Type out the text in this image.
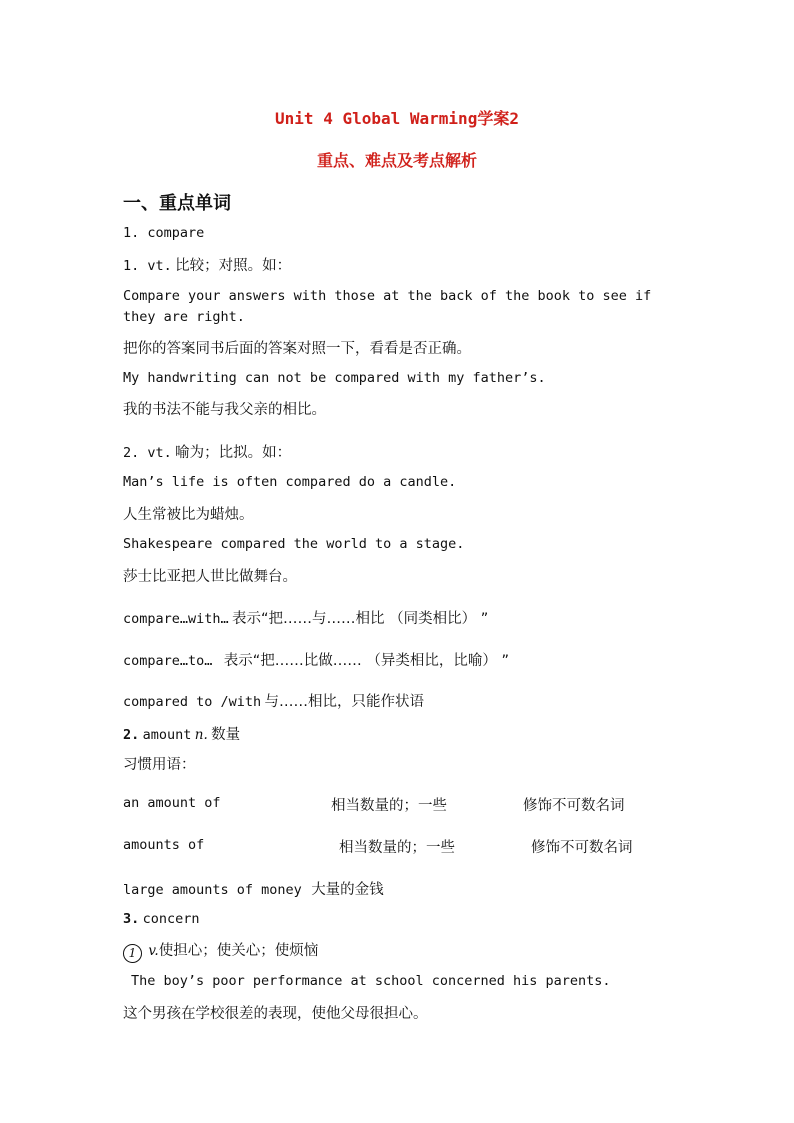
Unit 4 Global Warming学案2
重点、难点及考点解析
一、重点单词
1. compare
1. vt. 比较；对照。如：
Compare your answers with those at the back of the book to see if they are right.
把你的答案同书后面的答案对照一下，看看是否正确。
My handwriting can not be compared with my father’s.
我的书法不能与我父亲的相比。
2. vt. 喻为；比拟。如：
Man’s life is often compared do a candle.
人生常被比为蜡烛。
Shakespeare compared the world to a stage.
莎士比亚把人世比做舞台。
compare…with… 表示“把……与……相比 （同类相比） ”
compare…to… 表示“把……比做…… （异类相比，比喻） ”
compared to /with 与……相比，只能作状语
2. amount n. 数量
习惯用语：
an amount of	相当数量的；一些	修饰不可数名词
amounts of	相当数量的；一些	修饰不可数名词
large amounts of money 大量的金钱
3. concern
1 v.使担心；使关心；使烦恼
The boy’s poor performance at school concerned his parents.
这个男孩在学校很差的表现，使他父母很担心。
